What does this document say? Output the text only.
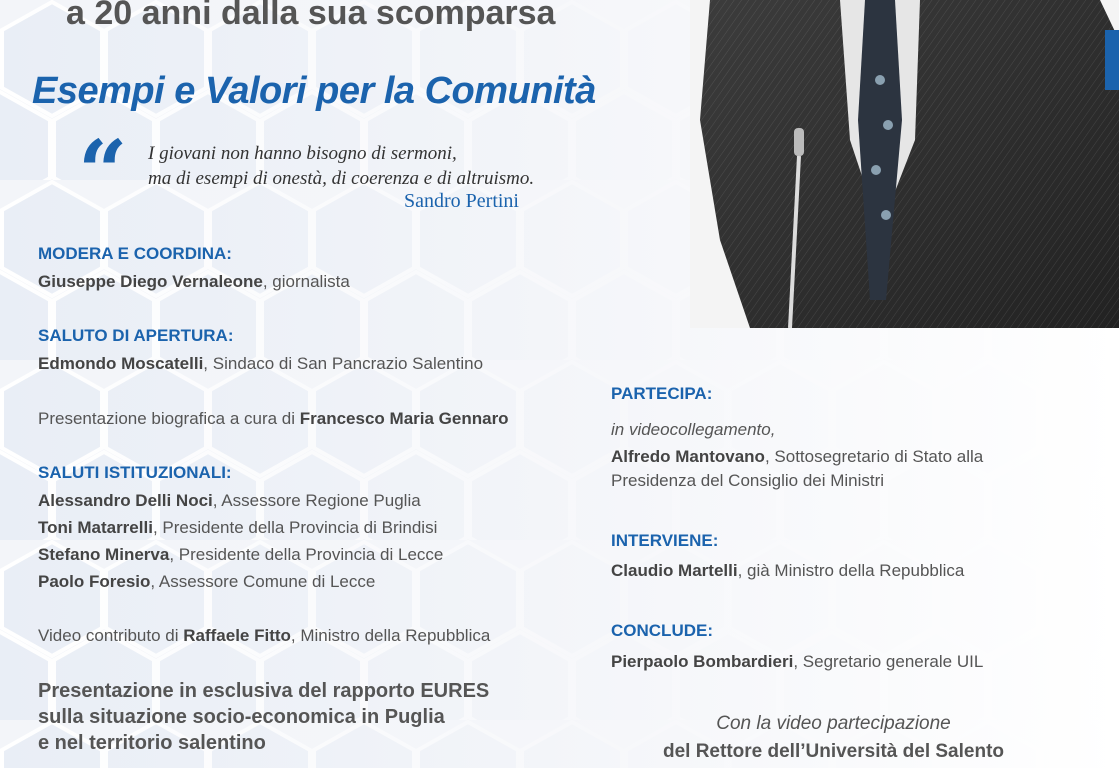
a 20 anni dalla sua scomparsa
Esempi e Valori per la Comunità
“ I giovani non hanno bisogno di sermoni,
ma di esempi di onestà, di coerenza e di altruismo.
Sandro Pertini
MODERA E COORDINA:
Giuseppe Diego Vernaleone, giornalista
SALUTO DI APERTURA:
Edmondo Moscatelli, Sindaco di San Pancrazio Salentino
Presentazione biografica a cura di Francesco Maria Gennaro
SALUTI ISTITUZIONALI:
Alessandro Delli Noci, Assessore Regione Puglia
Toni Matarrelli, Presidente della Provincia di Brindisi
Stefano Minerva, Presidente della Provincia di Lecce
Paolo Foresio, Assessore Comune di Lecce
Video contributo di Raffaele Fitto, Ministro della Repubblica
Presentazione in esclusiva del rapporto EURES
sulla situazione socio-economica in Puglia
e nel territorio salentino
PARTECIPA:
in videocollegamento,
Alfredo Mantovano, Sottosegretario di Stato alla
Presidenza del Consiglio dei Ministri
INTERVIENE:
Claudio Martelli, già Ministro della Repubblica
CONCLUDE:
Pierpaolo Bombardieri, Segretario generale UIL
Con la video partecipazione
del Rettore dell’Università del Salento
